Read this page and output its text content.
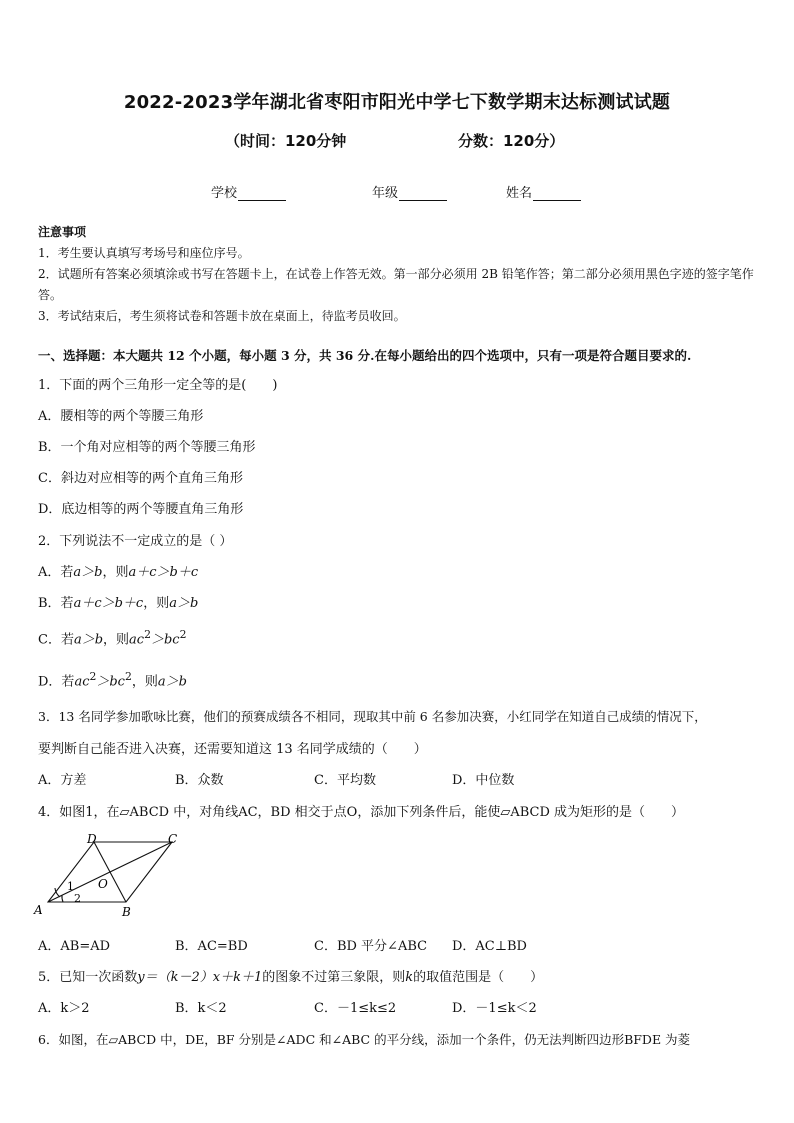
2022-2023学年湖北省枣阳市阳光中学七下数学期末达标测试试题
（时间：120分钟	分数：120分）
学校	年级	姓名
注意事项
1．考生要认真填写考场号和座位序号。
2．试题所有答案必须填涂或书写在答题卡上，在试卷上作答无效。第一部分必须用 2B 铅笔作答；第二部分必须用黑色字迹的签字笔作答。
3．考试结束后，考生须将试卷和答题卡放在桌面上，待监考员收回。
一、选择题：本大题共 12 个小题，每小题 3 分，共 36 分.在每小题给出的四个选项中，只有一项是符合题目要求的.
1．下面的两个三角形一定全等的是(　　)
A．腰相等的两个等腰三角形
B．一个角对应相等的两个等腰三角形
C．斜边对应相等的两个直角三角形
D．底边相等的两个等腰直角三角形
2．下列说法不一定成立的是（ ）
A．若a＞b，则a＋c＞b＋c
B．若a＋c＞b＋c，则a＞b
C．若a＞b，则$ac^2>bc^2$
D．若$ac^2>bc^2$，则a＞b
3．13 名同学参加歌咏比赛，他们的预赛成绩各不相同，现取其中前 6 名参加决赛，小红同学在知道自己成绩的情况下，
要判断自己能否进入决赛，还需要知道这 13 名同学成绩的（　　）
A．方差	B．众数	C．平均数	D．中位数
4．如图1，在▱ABCD 中，对角线AC，BD 相交于点O，添加下列条件后，能使▱ABCD 成为矩形的是（　　）
A	B
C
D
O
1
2
A．AB=AD	B．AC=BD	C．BD 平分∠ABC D．AC⊥BD
5．已知一次函数y＝（k－2）x＋k＋1的图象不过第三象限，则k的取值范围是（　　）
A．k＞2	B．k＜2	C．－1≤k≤2	D．－1≤k＜2
6．如图，在▱ABCD 中，DE，BF 分别是∠ADC 和∠ABC 的平分线，添加一个条件，仍无法判断四边形BFDE 为菱
